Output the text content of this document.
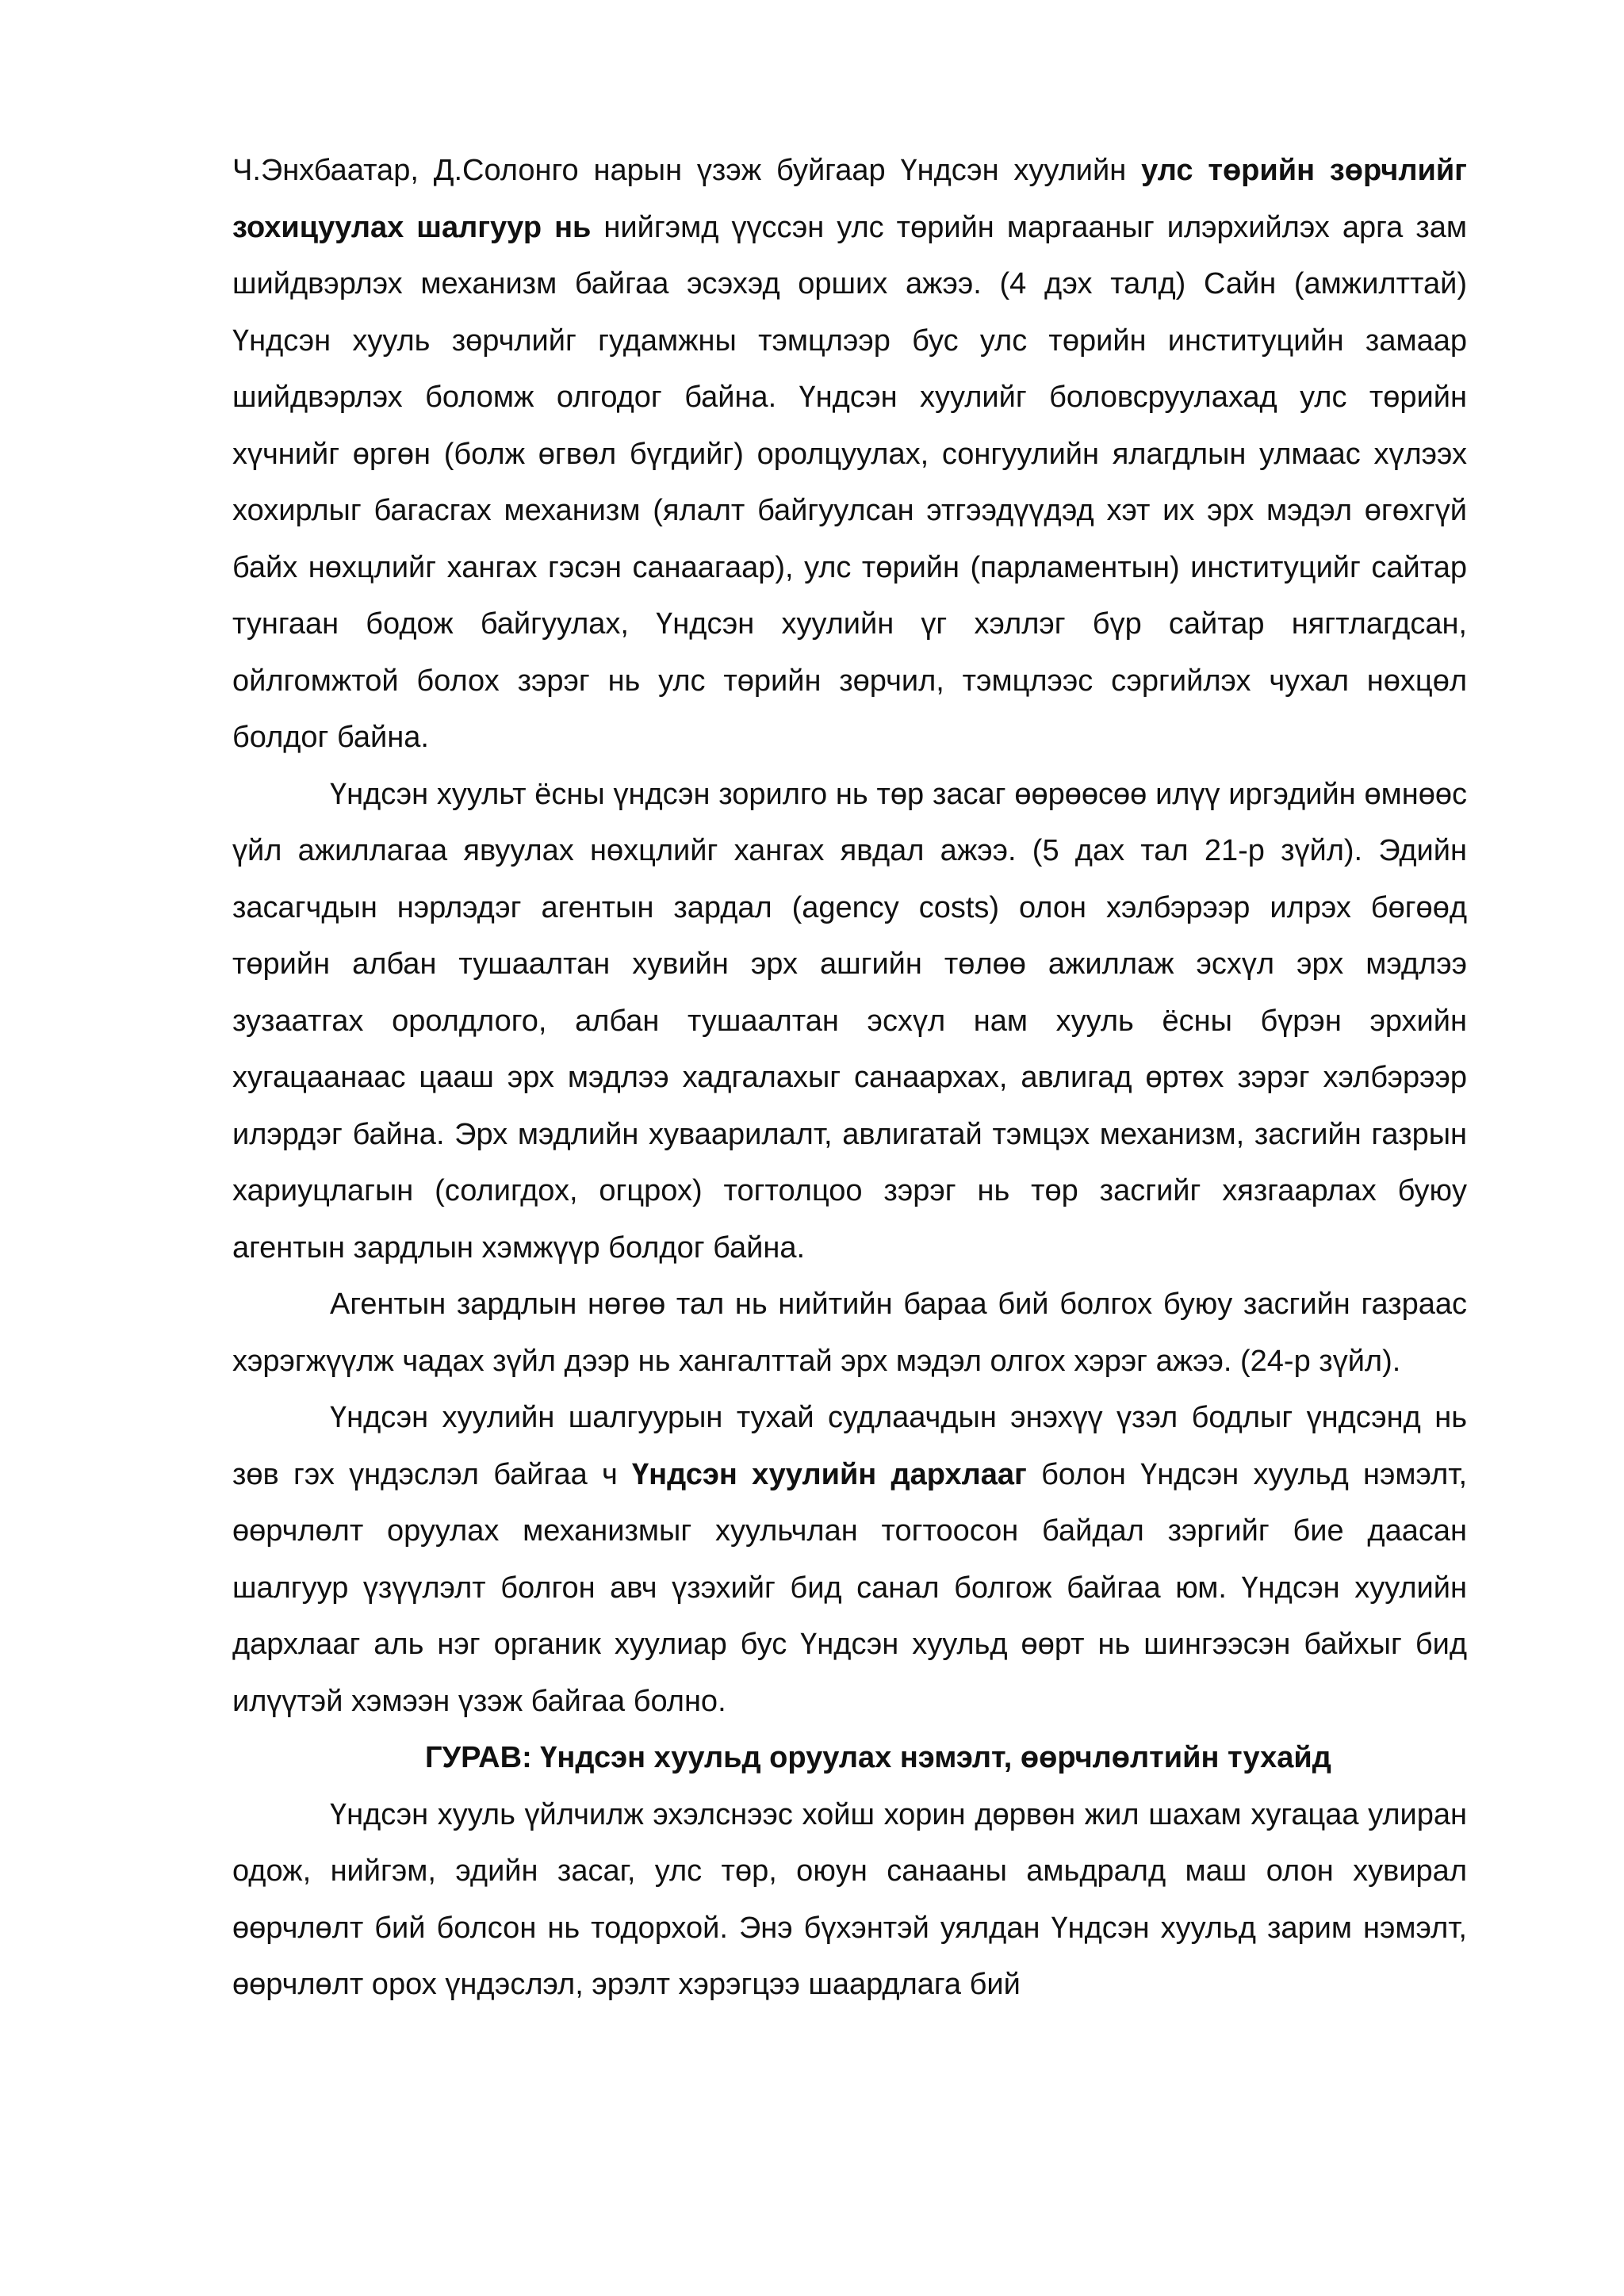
Ч.Энхбаатар, Д.Солонго нарын үзэж буйгаар Үндсэн хуулийн улс төрийн зөрчлийг зохицуулах шалгуур нь нийгэмд үүссэн улс төрийн маргааныг илэрхийлэх арга зам шийдвэрлэх механизм байгаа эсэхэд орших ажээ. (4 дэх талд) Сайн (амжилттай) Үндсэн хууль зөрчлийг гудамжны тэмцлээр бус улс төрийн институцийн замаар шийдвэрлэх боломж олгодог байна. Үндсэн хуулийг боловсруулахад улс төрийн хүчнийг өргөн (болж өгвөл бүгдийг) оролцуулах, сонгуулийн ялагдлын улмаас хүлээх хохирлыг багасгах механизм (ялалт байгуулсан этгээдүүдэд хэт их эрх мэдэл өгөхгүй байх нөхцлийг хангах гэсэн санаагаар), улс төрийн (парламентын) институцийг сайтар тунгаан бодож байгуулах, Үндсэн хуулийн үг хэллэг бүр сайтар нягтлагдсан, ойлгомжтой болох зэрэг нь улс төрийн зөрчил, тэмцлээс сэргийлэх чухал нөхцөл болдог байна.

Үндсэн хуульт ёсны үндсэн зорилго нь төр засаг өөрөөсөө илүү иргэдийн өмнөөс үйл ажиллагаа явуулах нөхцлийг хангах явдал ажээ. (5 дах тал 21-р зүйл). Эдийн засагчдын нэрлэдэг агентын зардал (agency costs) олон хэлбэрээр илрэх бөгөөд төрийн албан тушаалтан хувийн эрх ашгийн төлөө ажиллаж эсхүл эрх мэдлээ зузаатгах оролдлого, албан тушаалтан эсхүл нам хууль ёсны бүрэн эрхийн хугацаанаас цааш эрх мэдлээ хадгалахыг санаархах, авлигад өртөх зэрэг хэлбэрээр илэрдэг байна. Эрх мэдлийн хуваарилалт, авлигатай тэмцэх механизм, засгийн газрын хариуцлагын (солигдох, огцрох) тогтолцоо зэрэг нь төр засгийг хязгаарлах буюу агентын зардлын хэмжүүр болдог байна.

Агентын зардлын нөгөө тал нь нийтийн бараа бий болгох буюу засгийн газраас хэрэгжүүлж чадах зүйл дээр нь хангалттай эрх мэдэл олгох хэрэг ажээ. (24-р зүйл).

Үндсэн хуулийн шалгуурын тухай судлаачдын энэхүү үзэл бодлыг үндсэнд нь зөв гэх үндэслэл байгаа ч Үндсэн хуулийн дархлааг болон Үндсэн хуульд нэмэлт, өөрчлөлт оруулах механизмыг хуульчлан тогтоосон байдал зэргийг бие даасан шалгуур үзүүлэлт болгон авч үзэхийг бид санал болгож байгаа юм. Үндсэн хуулийн дархлааг аль нэг органик хуулиар бус Үндсэн хуульд өөрт нь шингээсэн байхыг бид илүүтэй хэмээн үзэж байгаа болно.

ГУРАВ: Үндсэн хуульд оруулах нэмэлт, өөрчлөлтийн тухайд

Үндсэн хууль үйлчилж эхэлснээс хойш хорин дөрвөн жил шахам хугацаа улиран одож, нийгэм, эдийн засаг, улс төр, оюун санааны амьдралд маш олон хувирал өөрчлөлт бий болсон нь тодорхой. Энэ бүхэнтэй уялдан Үндсэн хуульд зарим нэмэлт, өөрчлөлт орох үндэслэл, эрэлт хэрэгцээ шаардлага бий
